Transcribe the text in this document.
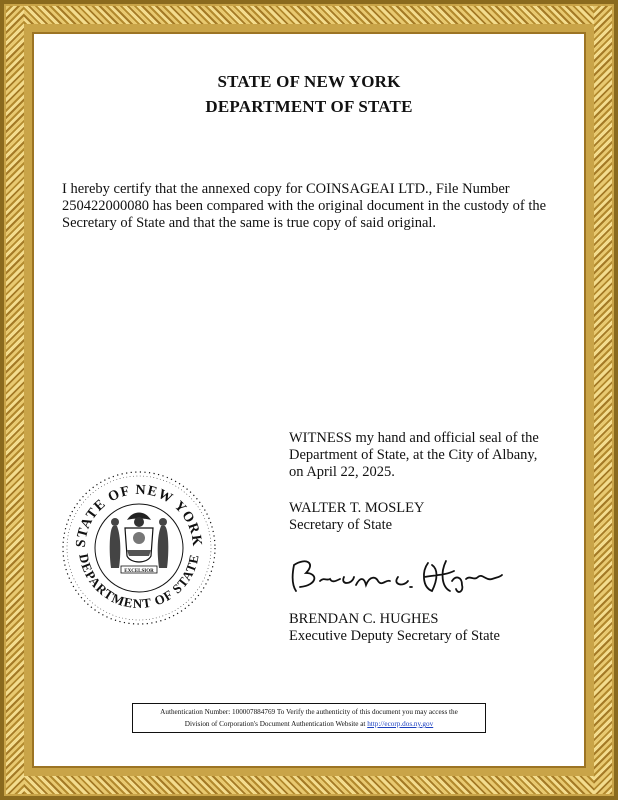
STATE OF NEW YORK
DEPARTMENT OF STATE
I hereby certify that the annexed copy for COINSAGEAI LTD., File Number 250422000080 has been compared with the original document in the custody of the Secretary of State and that the same is true copy of said original.
WITNESS my hand and official seal of the
Department of State, at the City of Albany,
on April 22, 2025.
WALTER T. MOSLEY
Secretary of State
BRENDAN C. HUGHES
Executive Deputy Secretary of State
STATE OF NEW YORK
DEPARTMENT OF STATE
EXCELSIOR
Authentication Number: 100007884769 To Verify the authenticity of this document you may access the
Division of Corporation's Document Authentication Website at http://ecorp.dos.ny.gov
